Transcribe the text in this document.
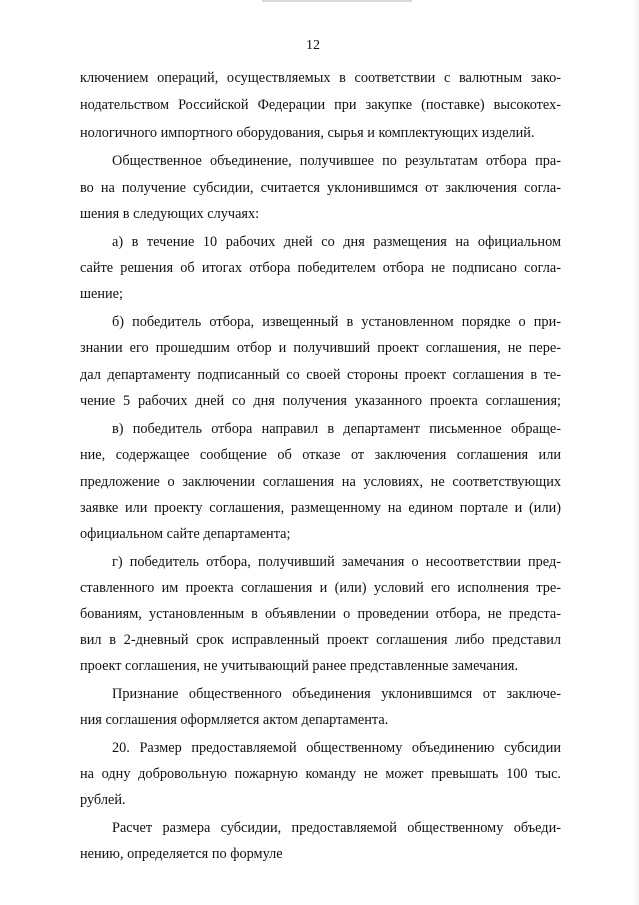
12
ключением операций, осуществляемых в соответствии с валютным зако-
нодательством Российской Федерации при закупке (поставке) высокотех-
нологичного импортного оборудования, сырья и комплектующих изделий.
Общественное объединение, получившее по результатам отбора пра-
во на получение субсидии, считается уклонившимся от заключения согла-
шения в следующих случаях:
а) в течение 10 рабочих дней со дня размещения на официальном
сайте решения об итогах отбора победителем отбора не подписано согла-
шение;
б) победитель отбора, извещенный в установленном порядке о при-
знании его прошедшим отбор и получивший проект соглашения, не пере-
дал департаменту подписанный со своей стороны проект соглашения в те-
чение 5 рабочих дней со дня получения указанного проекта соглашения;
в) победитель отбора направил в департамент письменное обраще-
ние, содержащее сообщение об отказе от заключения соглашения или
предложение о заключении соглашения на условиях, не соответствующих
заявке или проекту соглашения, размещенному на едином портале и (или)
официальном сайте департамента;
г) победитель отбора, получивший замечания о несоответствии пред-
ставленного им проекта соглашения и (или) условий его исполнения тре-
бованиям, установленным в объявлении о проведении отбора, не предста-
вил в 2-дневный срок исправленный проект соглашения либо представил
проект соглашения, не учитывающий ранее представленные замечания.
Признание общественного объединения уклонившимся от заключе-
ния соглашения оформляется актом департамента.
20. Размер предоставляемой общественному объединению субсидии
на одну добровольную пожарную команду не может превышать 100 тыс.
рублей.
Расчет размера субсидии, предоставляемой общественному объеди-
нению, определяется по формуле
